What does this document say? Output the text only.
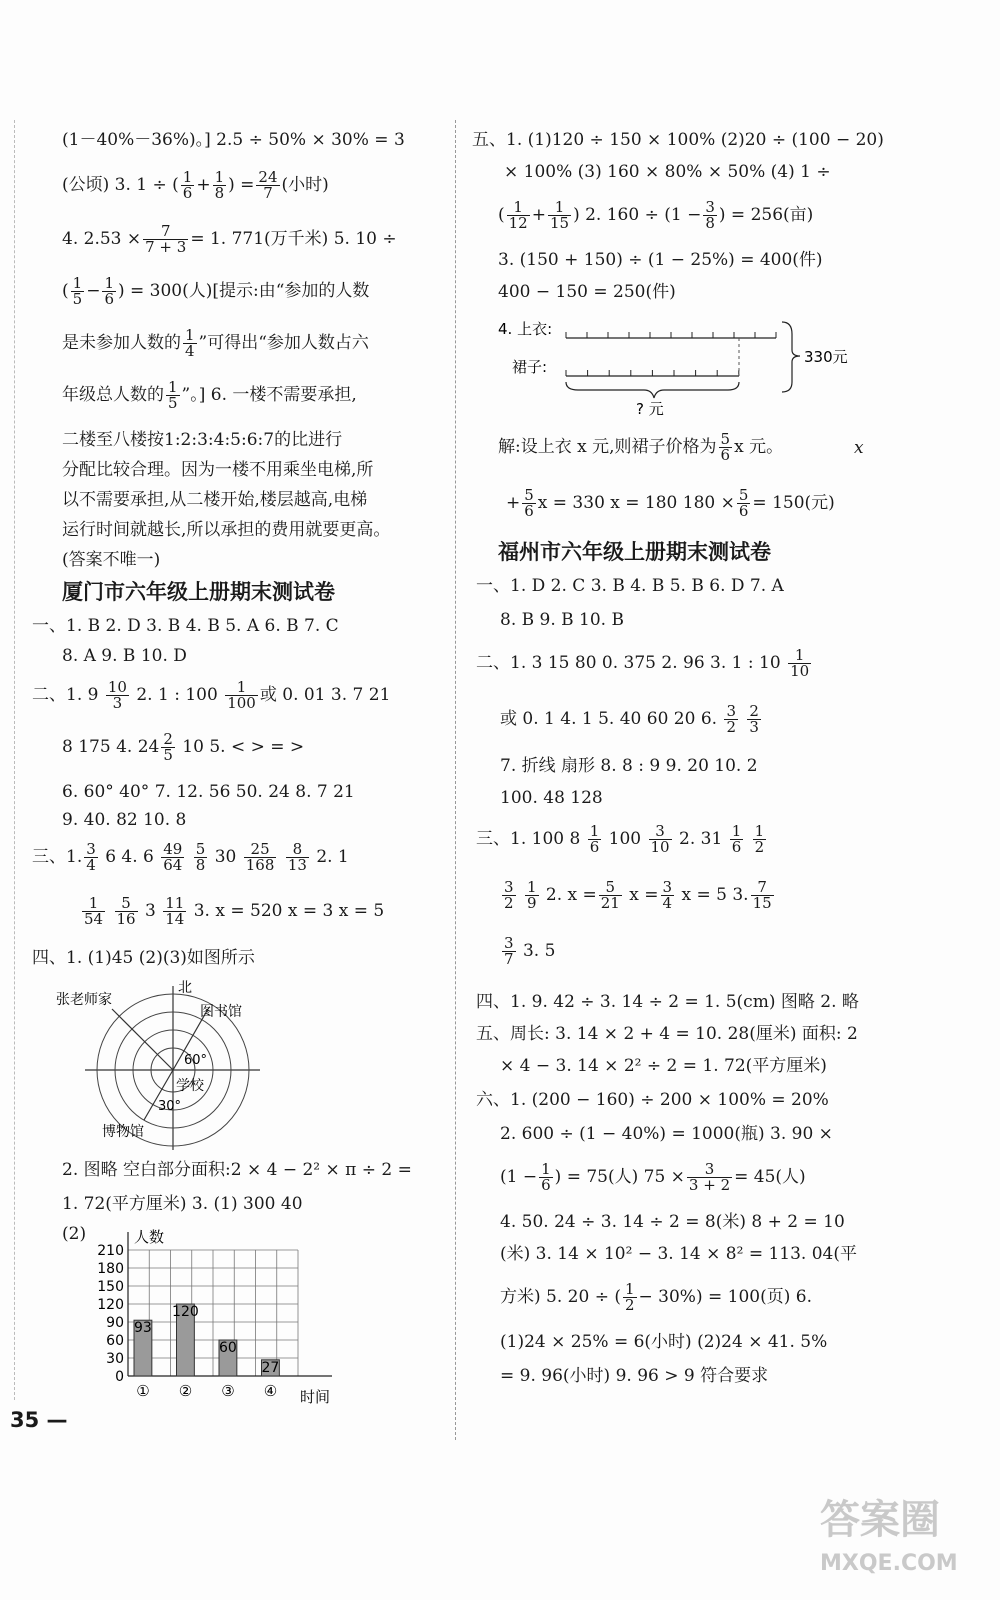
(1－40%－36%)。] 2.5 ÷ 50% × 30% = 3
(公顷) 3. 1 ÷ ( $\frac{1}{6} + \frac{1}{8}$ ) = $\frac{24}{7}$ (小时)
4. $2.53 \times \frac{7}{7 + 3} = 1$. 771(万千米) 5. 10 ÷
( $\frac{1}{5} - \frac{1}{6}$ ) = 300(人)[提示:由“参加的人数
是未参加人数的 $\frac{1}{4}$ ”可得出“参加人数占六
年级总人数的 $\frac{1}{5}$ ”。] 6. 一楼不需要承担,
二楼至八楼按1:2:3:4:5:6:7的比进行
分配比较合理。因为一楼不用乘坐电梯,所
以不需要承担,从二楼开始,楼层越高,电梯
运行时间就越长,所以承担的费用就要更高。
(答案不唯一)
厦门市六年级上册期末测试卷
一、1. B 2. D 3. B 4. B 5. A 6. B 7. C
8. A 9. B 10. D
二、1. $9 \frac{10}{3} 2$. 1 : $100 \frac{1}{100}$ 或 0. 01 3. 7 21
8 175 4. $24 \frac{2}{5} 10$ 5. < > = >
6. 60° 40° 7. 12. 56 50. 24 8. 7 21
9. 40. 82 10. 8
三、1. $\frac{3}{4} 6$ 4. $6 \frac{49}{64}$
$\frac{5}{8} 30 \frac{25}{168}$
$\frac{8}{13} 2$. 1
$\frac{1}{54}$
$\frac{5}{16} 3 \frac{11}{14} 3$. x = 520 x = 3 x = 5
四、1. (1)45 (2)(3)如图所示
北
张老师家
图书馆
学校
博物馆
60°
30°
2. 图略 空白部分面积:2 × 4 − 2² × π ÷ 2 =
1. 72(平方厘米) 3. (1) 300 40
(2)
0
30
60
90
120
150
180
210
人数
时间
93
①
120
②
60
③
27
④
五、1. (1)120 ÷ 150 × 100% (2)20 ÷ (100 − 20)
× 100% (3) 160 × 80% × 50% (4) 1 ÷
( $\frac{1}{12} + \frac{1}{15}$ ) 2. $160 \div (1 - \frac{3}{8}$ ) = 256(亩)
3. (150 + 150) ÷ (1 − 25%) = 400(件)
400 − 150 = 250(件)
4. 上衣:
裙子:
330元
? 元
解:设上衣 x 元,则裙子价格为 $\frac{5}{6}$ x 元。	x
+ $\frac{5}{6}$ x = 330 x = 180 $180 \times \frac{5}{6} = 150$(元)
福州市六年级上册期末测试卷
一、1. D 2. C 3. B 4. B 5. B 6. D 7. A
8. B 9. B 10. B
二、1. 3 15 80 0. 375 2. 96 3. 1 : $10 \frac{1}{10}$
或 0. 1 4. 1 5. 40 60 20 6. $\frac{3}{2}$
$\frac{2}{3}$
7. 折线 扇形 8. 8 : 9 9. 20 10. 2
100. 48 128
三、1. 100 $8 \frac{1}{6} 100 \frac{3}{10} 2$. $31 \frac{1}{6}$
$\frac{1}{2}$
$\frac{3}{2}$
$\frac{1}{9} 2$. $x = \frac{5}{21}$ $x = \frac{3}{4}$ x = 5 3. $\frac{7}{15}$
$\frac{3}{7} 3$. 5
四、1. 9. 42 ÷ 3. 14 ÷ 2 = 1. 5(cm) 图略 2. 略
五、周长: 3. 14 × 2 + 4 = 10. 28(厘米) 面积: 2
× 4 − 3. 14 × 2² ÷ 2 = 1. 72(平方厘米)
六、1. (200 − 160) ÷ 200 × 100% = 20%
2. 600 ÷ (1 − 40%) = 1000(瓶) 3. 90 ×
($1 - \frac{1}{6}$ ) = 75(人) $75 \times \frac{3}{3 + 2} = 45$(人)
4. 50. 24 ÷ 3. 14 ÷ 2 = 8(米) 8 + 2 = 10
(米) 3. 14 × 10² − 3. 14 × 8² = 113. 04(平
方米) 5. 20 ÷ ( $\frac{1}{2} - 30\%) = 100$(页) 6.
(1)24 × 25% = 6(小时) (2)24 × 41. 5%
= 9. 96(小时) 9. 96 > 9 符合要求
35 —
答案圈
MXQE.COM
